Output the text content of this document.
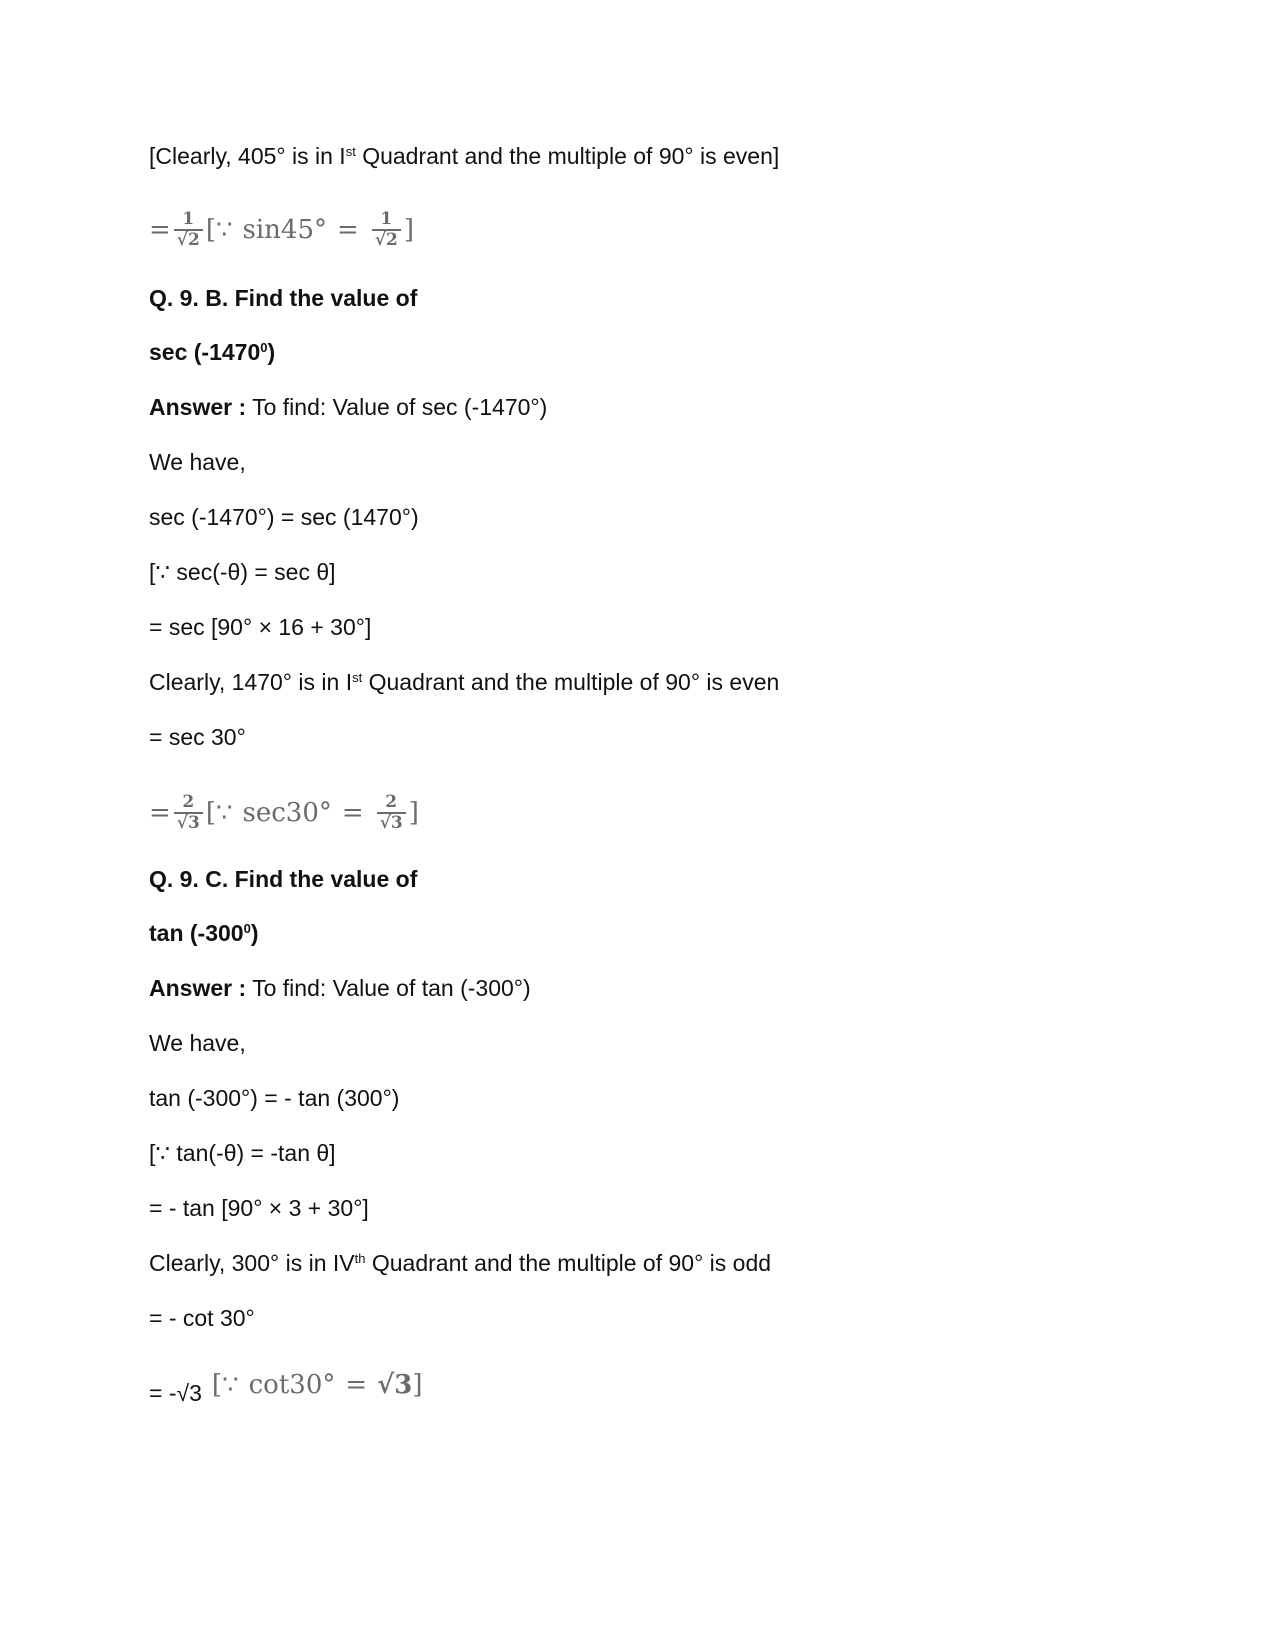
[Clearly, 405° is in Ist Quadrant and the multiple of 90° is even]
= $\frac{1}{√2}$ [ ∵ $\sin 45^\circ = \frac{1}{√2}$ ]
Q. 9. B. Find the value of
sec (-1470$^0$)
Answer : To find: Value of sec (-1470°)
We have,
sec (-1470°) = sec (1470°)
[∵ sec(-θ) = sec θ]
= sec [90° × 16 + 30°]
Clearly, 1470° is in Ist Quadrant and the multiple of 90° is even
= sec 30°
= $\frac{2}{√3}$ [ ∵ $\sec 30^\circ = \frac{2}{√3}$ ]
Q. 9. C. Find the value of
$\tan (-300^0)$
Answer : To find: Value of tan (-300°)
We have,
tan (-300°) = - tan (300°)
[∵ tan(-θ) = -tan θ]
= - tan [90° × 3 + 30°]
Clearly, 300° is in IVth Quadrant and the multiple of 90° is odd
= - cot 30°
= -√3 [ ∵ cot30° = √3 ]
